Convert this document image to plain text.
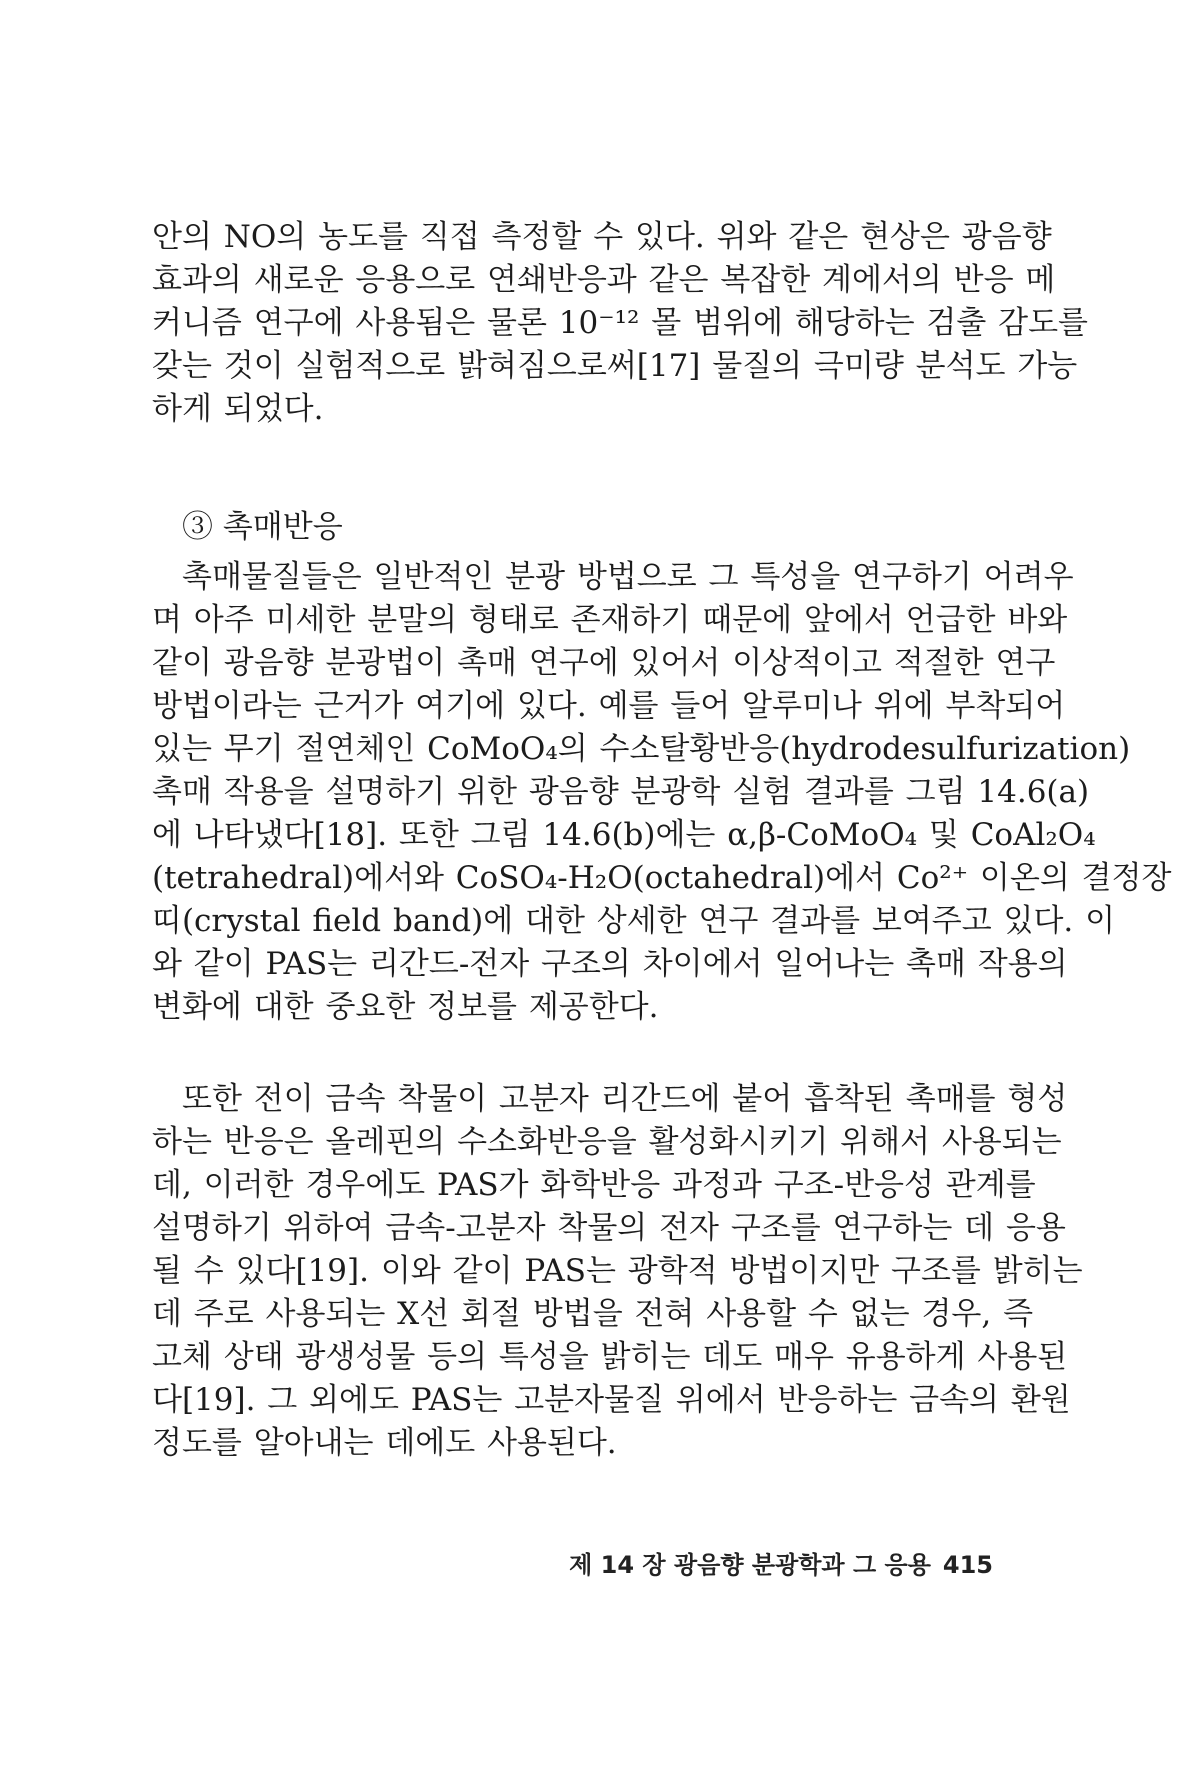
안의 NO의 농도를 직접 측정할 수 있다. 위와 같은 현상은 광음향
효과의 새로운 응용으로 연쇄반응과 같은 복잡한 계에서의 반응 메
커니즘 연구에 사용됨은 물론 10⁻¹² 몰 범위에 해당하는 검출 감도를
갖는 것이 실험적으로 밝혀짐으로써[17] 물질의 극미량 분석도 가능
하게 되었다.
③ 촉매반응
촉매물질들은 일반적인 분광 방법으로 그 특성을 연구하기 어려우
며 아주 미세한 분말의 형태로 존재하기 때문에 앞에서 언급한 바와
같이 광음향 분광법이 촉매 연구에 있어서 이상적이고 적절한 연구
방법이라는 근거가 여기에 있다. 예를 들어 알루미나 위에 부착되어
있는 무기 절연체인 CoMoO₄의 수소탈황반응(hydrodesulfurization)
촉매 작용을 설명하기 위한 광음향 분광학 실험 결과를 그림 14.6(a)
에 나타냈다[18]. 또한 그림 14.6(b)에는 α,β-CoMoO₄ 및 CoAl₂O₄
(tetrahedral)에서와 CoSO₄-H₂O(octahedral)에서 Co²⁺ 이온의 결정장
띠(crystal field band)에 대한 상세한 연구 결과를 보여주고 있다. 이
와 같이 PAS는 리간드-전자 구조의 차이에서 일어나는 촉매 작용의
변화에 대한 중요한 정보를 제공한다.
또한 전이 금속 착물이 고분자 리간드에 붙어 흡착된 촉매를 형성
하는 반응은 올레핀의 수소화반응을 활성화시키기 위해서 사용되는
데, 이러한 경우에도 PAS가 화학반응 과정과 구조-반응성 관계를
설명하기 위하여 금속-고분자 착물의 전자 구조를 연구하는 데 응용
될 수 있다[19]. 이와 같이 PAS는 광학적 방법이지만 구조를 밝히는
데 주로 사용되는 X선 회절 방법을 전혀 사용할 수 없는 경우, 즉
고체 상태 광생성물 등의 특성을 밝히는 데도 매우 유용하게 사용된
다[19]. 그 외에도 PAS는 고분자물질 위에서 반응하는 금속의 환원
정도를 알아내는 데에도 사용된다.
제 14 장 광음향 분광학과 그 응용 415
